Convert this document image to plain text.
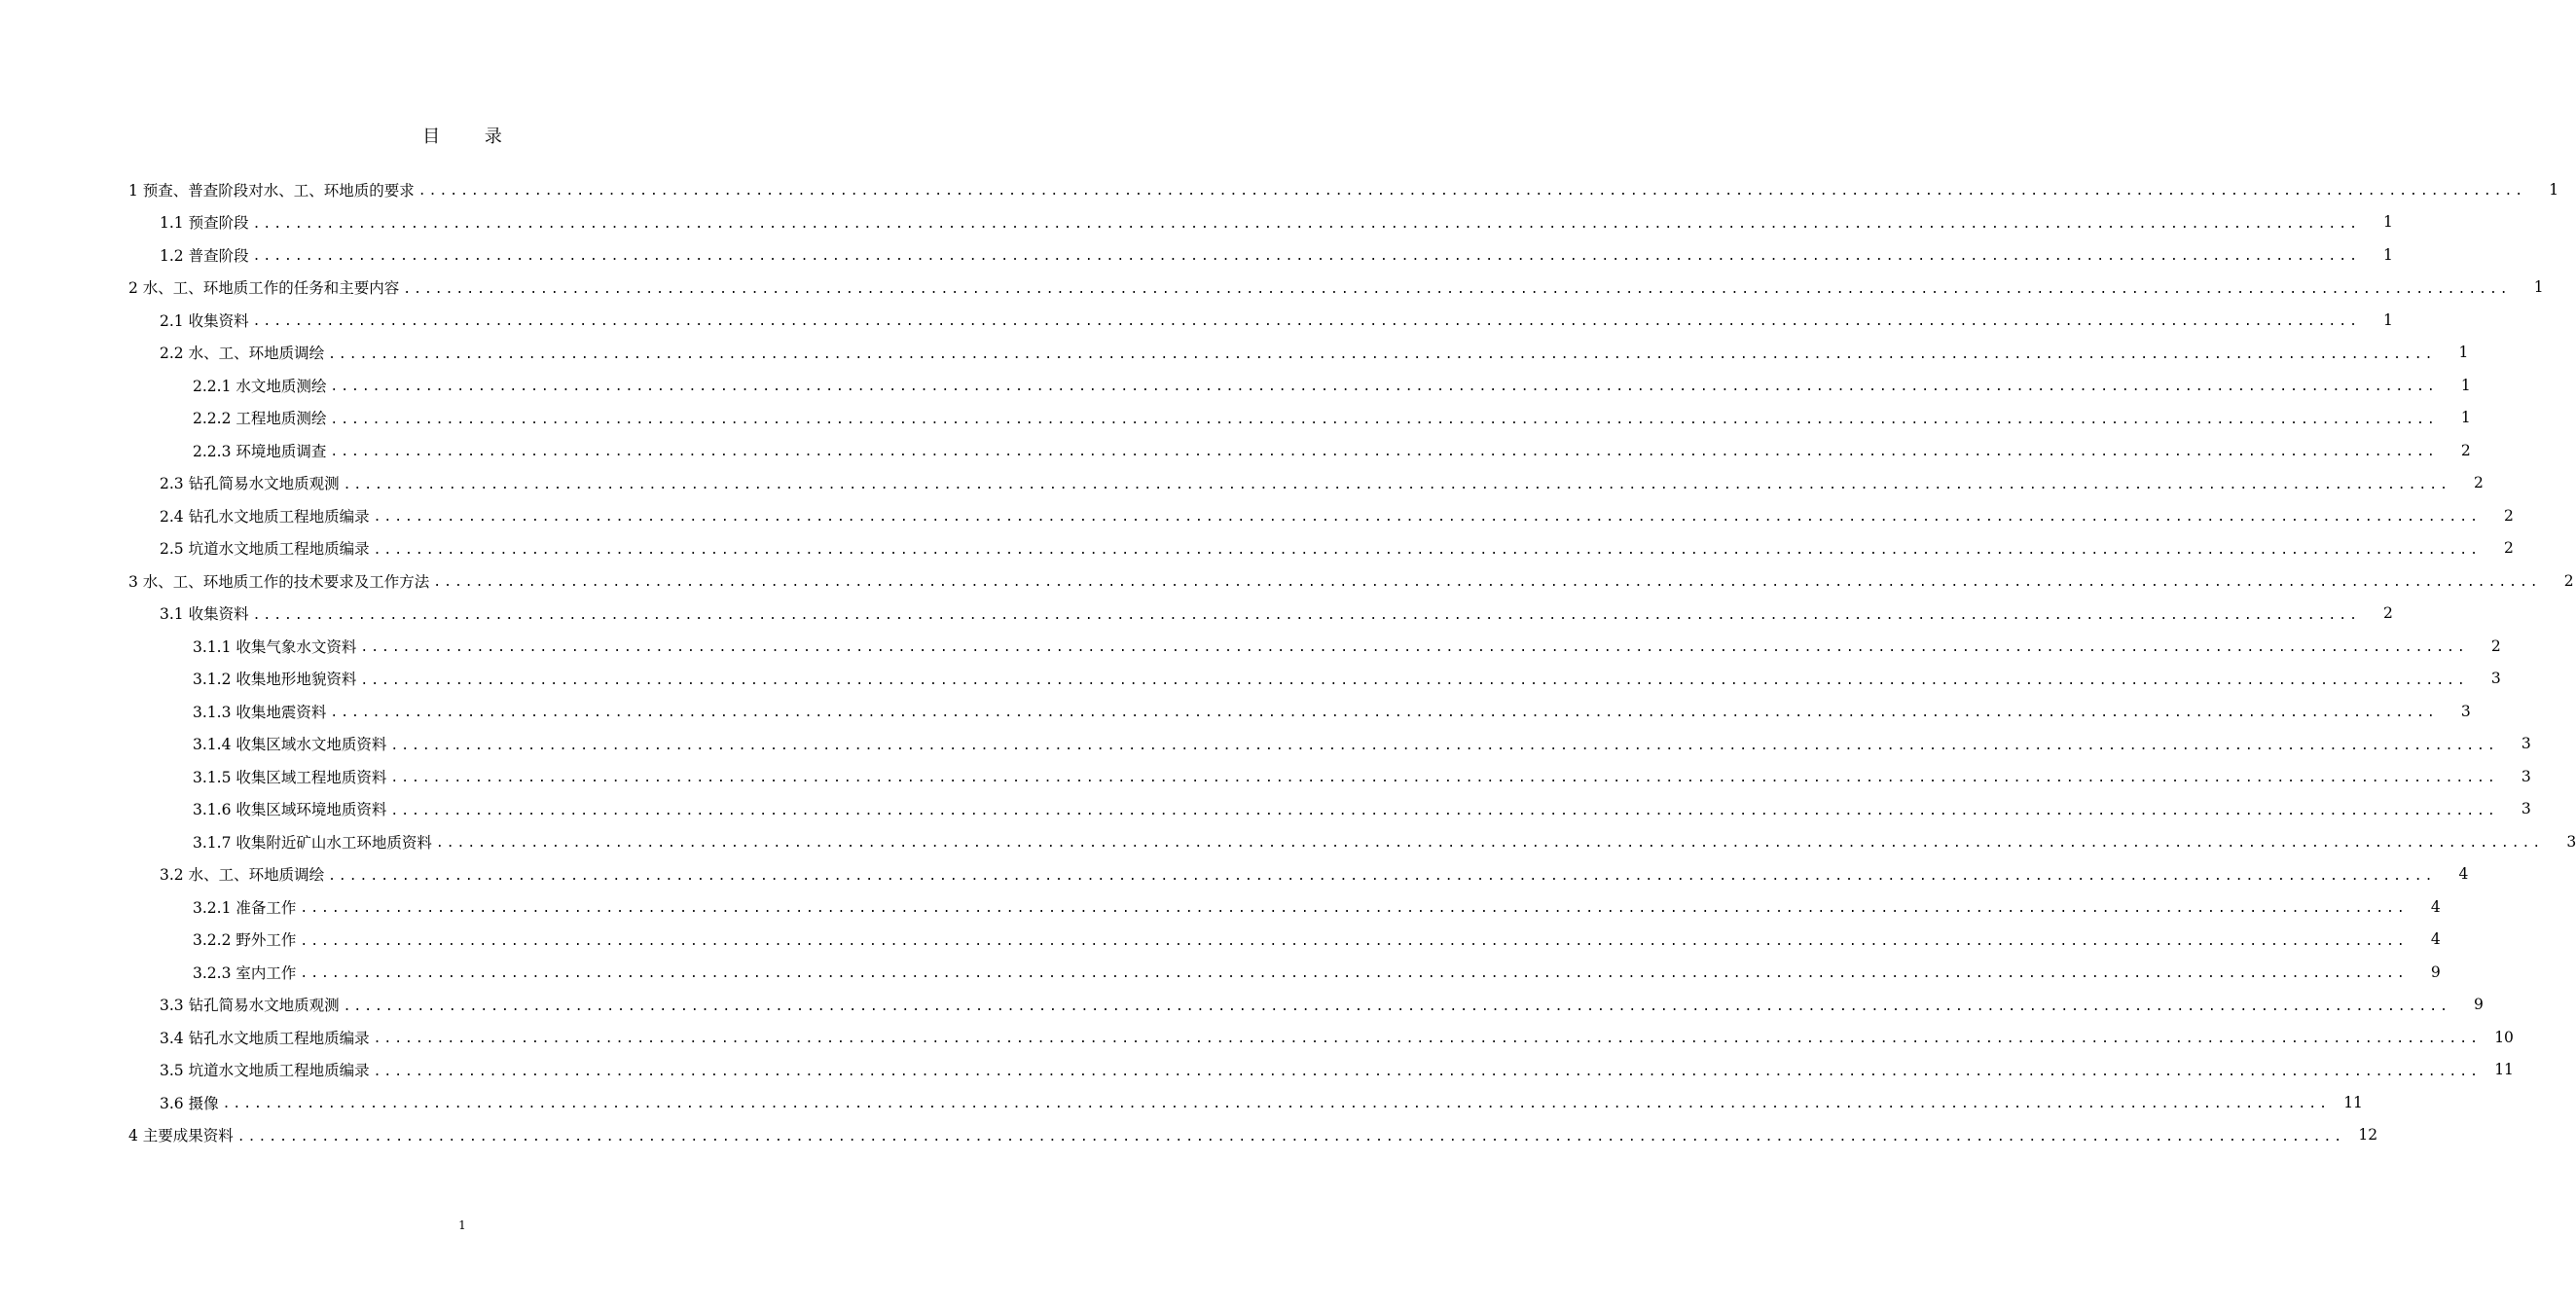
目 录
1 预查、普查阶段对水、工、环地质的要求 ........................................................................................................................................................................................................	1
1.1 预查阶段 ........................................................................................................................................................................................................	1
1.2 普查阶段 ........................................................................................................................................................................................................	1
2 水、工、环地质工作的任务和主要内容 ........................................................................................................................................................................................................	1
2.1 收集资料 ........................................................................................................................................................................................................	1
2.2 水、工、环地质调绘 ........................................................................................................................................................................................................	1
2.2.1 水文地质测绘 ........................................................................................................................................................................................................	1
2.2.2 工程地质测绘 ........................................................................................................................................................................................................	1
2.2.3 环境地质调查 ........................................................................................................................................................................................................	2
2.3 钻孔简易水文地质观测 ........................................................................................................................................................................................................	2
2.4 钻孔水文地质工程地质编录 ........................................................................................................................................................................................................	2
2.5 坑道水文地质工程地质编录 ........................................................................................................................................................................................................	2
3 水、工、环地质工作的技术要求及工作方法 ........................................................................................................................................................................................................	2
3.1 收集资料 ........................................................................................................................................................................................................	2
3.1.1 收集气象水文资料 ........................................................................................................................................................................................................	2
3.1.2 收集地形地貌资料 ........................................................................................................................................................................................................	3
3.1.3 收集地震资料 ........................................................................................................................................................................................................	3
3.1.4 收集区域水文地质资料 ........................................................................................................................................................................................................	3
3.1.5 收集区域工程地质资料 ........................................................................................................................................................................................................	3
3.1.6 收集区域环境地质资料 ........................................................................................................................................................................................................	3
3.1.7 收集附近矿山水工环地质资料 ........................................................................................................................................................................................................	3
3.2 水、工、环地质调绘 ........................................................................................................................................................................................................	4
3.2.1 准备工作 ........................................................................................................................................................................................................	4
3.2.2 野外工作 ........................................................................................................................................................................................................	4
3.2.3 室内工作 ........................................................................................................................................................................................................	9
3.3 钻孔简易水文地质观测 ........................................................................................................................................................................................................	9
3.4 钻孔水文地质工程地质编录 ........................................................................................................................................................................................................ 10
3.5 坑道水文地质工程地质编录 ........................................................................................................................................................................................................ 11
3.6 摄像 ........................................................................................................................................................................................................ 11
4 主要成果资料 ........................................................................................................................................................................................................ 12
1
